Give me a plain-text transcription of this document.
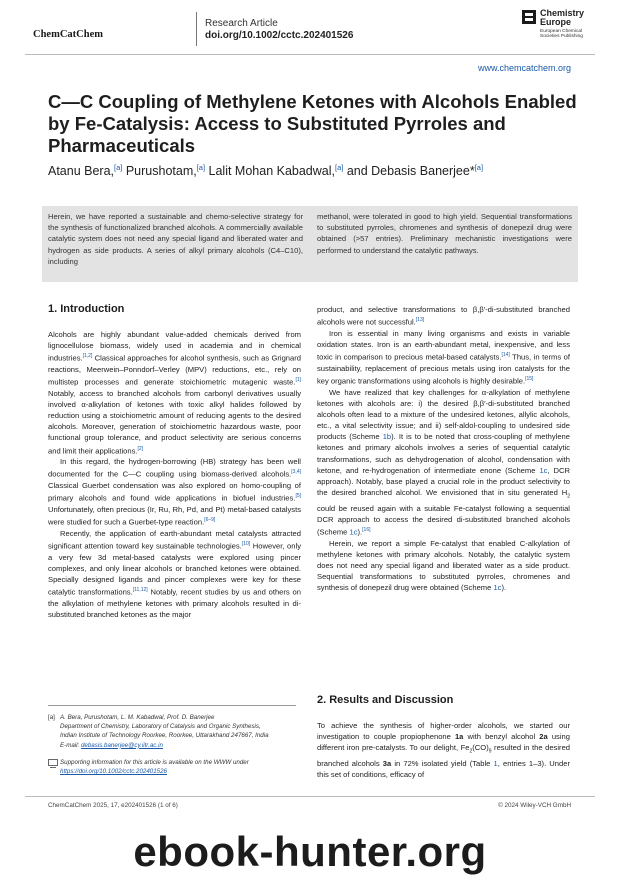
ChemCatChem
Research Article
doi.org/10.1002/cctc.202401526
Chemistry Europe
European Chemical Societies Publishing
www.chemcatchem.org
C—C Coupling of Methylene Ketones with Alcohols Enabled by Fe-Catalysis: Access to Substituted Pyrroles and Pharmaceuticals
Atanu Bera,[a] Purushotam,[a] Lalit Mohan Kabadwal,[a] and Debasis Banerjee*[a]
Herein, we have reported a sustainable and chemo-selective strategy for the synthesis of functionalized branched alcohols. A commercially available catalytic system does not need any special ligand and liberated water and hydrogen as side products. A series of alkyl primary alcohols (C4–C10), including
methanol, were tolerated in good to high yield. Sequential transformations to substituted pyrroles, chromenes and synthesis of donepezil drug were obtained (>57 entries). Preliminary mechanistic investigations were performed to understand the catalytic pathways.
1. Introduction

Alcohols are highly abundant value-added chemicals derived from lignocellulose biomass, widely used in academia and in chemical industries.[1,2] Classical approaches for alcohol synthesis, such as Grignard reactions, Meerwein–Ponndorf–Verley (MPV) reductions, etc., rely on multistep processes and generate stoichiometric mutagenic waste.[1] Notably, access to branched alcohols from carbonyl derivatives usually involved α-alkylation of ketones with toxic alkyl halides followed by reduction using a stoichiometric amount of reducing agents to the desired alcohols. Moreover, generation of stoichiometric hazardous waste, poor functional group tolerance, and product selectivity are serious concerns and limit their applications.[2]

In this regard, the hydrogen-borrowing (HB) strategy has been well documented for the C—C coupling using biomass-derived alcohols.[3,4] Classical Guerbet condensation was also explored on homo-coupling of primary alcohols and found wide applications in biofuel industries.[5] Unfortunately, often precious (Ir, Ru, Rh, Pd, and Pt) metal-based catalysts were studied for such a Guerbet-type reaction.[6–9]

Recently, the application of earth-abundant metal catalysts attracted significant attention toward key sustainable technologies.[10] However, only a very few 3d metal-based catalysts were explored using pincer complexes, and only linear alcohols or branched ketones were obtained. Specially designed ligands and pincer complexes were key for these catalytic transformations.[11,12] Notably, recent studies by us and others on the alkylation of methylene ketones with primary alcohols resulted in di-substituted branched ketones as the major

product, and selective transformations to β,β′-di-substituted branched alcohols were not successful.[13]

Iron is essential in many living organisms and exists in variable oxidation states. Iron is an earth-abundant metal, inexpensive, and less toxic in comparison to precious metal-based catalysts.[14] Thus, in terms of sustainability, replacement of precious metals using iron catalysts for the key organic transformations using alcohols is highly desirable.[15]

We have realized that key challenges for α-alkylation of methylene ketones with alcohols are: i) the desired β,β′-di-substituted branched alcohols often lead to a mixture of the undesired ketones, allylic alcohols, etc., a vital selectivity issue; and ii) self-aldol-coupling to undesired side products (Scheme 1b). It is to be noted that cross-coupling of methylene ketones and primary alcohols involves a series of sequential catalytic transformations, such as dehydrogenation of alcohol, condensation with ketone, and re-hydrogenation of intermediate enone (Scheme 1c, DCR approach). Notably, base played a crucial role in the product selectivity to the desired branched alcohol. We envisioned that in situ generated $H_2$ could be reused again with a suitable Fe-catalyst following a sequential DCR approach to access the desired di-substituted branched alcohols (Scheme 1c).[16]

Herein, we report a simple Fe-catalyst that enabled C-alkylation of methylene ketones with primary alcohols. Notably, the catalytic system does not need any special ligand and liberated water as a side product. Sequential transformations to substituted pyrroles, chromenes and synthesis of donepezil drug were obtained (Scheme 1c).

2. Results and Discussion

To achieve the synthesis of higher-order alcohols, we started our investigation to couple propiophenone 1a with benzyl alcohol 2a using different iron pre-catalysts. To our delight, $Fe_2(CO)_9$ resulted in the desired branched alcohols 3a in 72% isolated yield (Table 1, entries 1–3). Under this set of conditions, efficacy of

[a] A. Bera, Purushotam, L. M. Kabadwal, Prof. D. Banerjee
Department of Chemistry, Laboratory of Catalysis and Organic Synthesis,
Indian Institute of Technology Roorkee, Roorkee, Uttarakhand 247667, India
E-mail: debasis.banerjee@cy.iitr.ac.in
Supporting information for this article is available on the WWW under
https://doi.org/10.1002/cctc.202401526
ChemCatChem 2025, 17, e202401526 (1 of 6)	© 2024 Wiley-VCH GmbH
ebook-hunter.org
